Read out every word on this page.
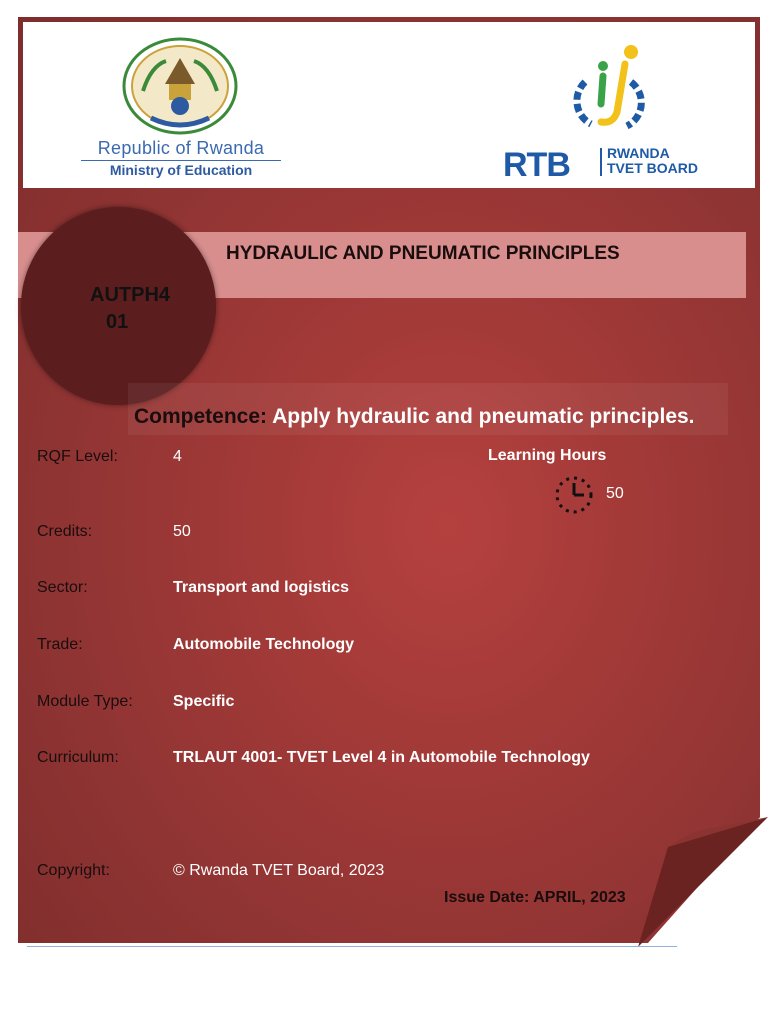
Republic of Rwanda
Ministry of Education	RTB	RWANDA
TVET BOARD
HYDRAULIC AND PNEUMATIC PRINCIPLES
AUTPH4
01
Competence: Apply hydraulic and pneumatic principles.
RQF Level:	4	Learning Hours
50
Credits:	50
Sector:	Transport and logistics
Trade:	Automobile Technology
Module Type:	Specific
Curriculum:	TRLAUT 4001- TVET Level 4 in Automobile Technology
Copyright:	© Rwanda TVET Board, 2023
Issue Date: APRIL, 2023
